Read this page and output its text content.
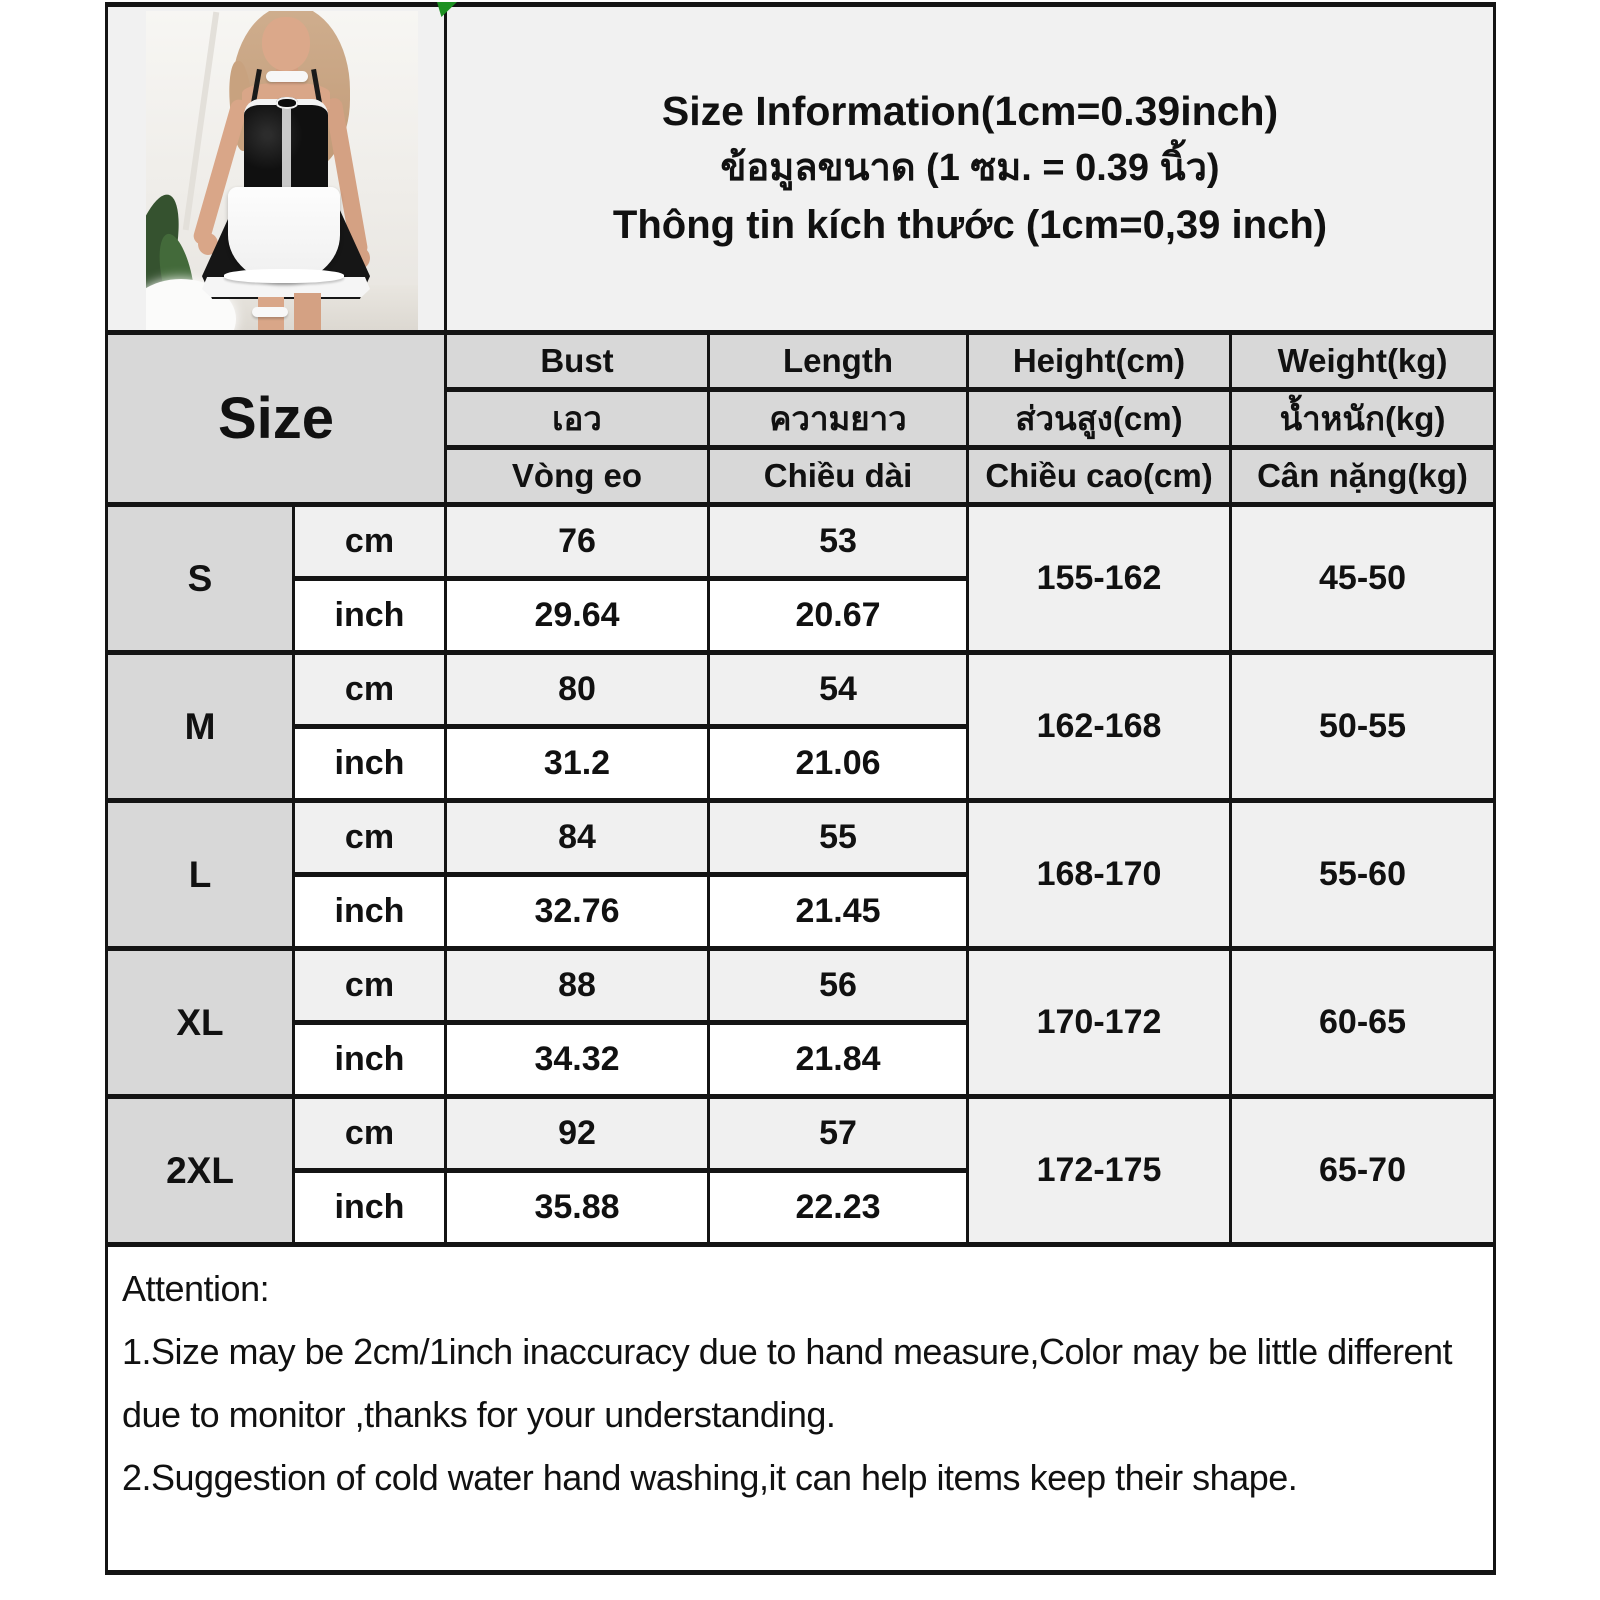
		Size Information(1cm=0.39inch)
ข้อมูลขนาด (1 ซม. = 0.39 นิ้ว)
Thông tin kích thước (1cm=0,39 inch)			

Size		Bust	Length	Height(cm)	Weight(kg)
		เอว	ความยาว	ส่วนสูง(cm)	น้ำหนัก(kg)
		Vòng eo	Chiều dài	Chiều cao(cm)	Cân nặng(kg)
S	cm	76	53	155-162	45-50
	inch	29.64	20.67		
M	cm	80	54	162-168	50-55
	inch	31.2	21.06		
L	cm	84	55	168-170	55-60
	inch	32.76	21.45		
XL	cm	88	56	170-172	60-65
	inch	34.32	21.84		
2XL	cm	92	57	172-175	65-70
	inch	35.88	22.23		

Attention:
1.Size may be 2cm/1inch inaccuracy due to hand measure,Color may be little different due to monitor ,thanks for your understanding.
2.Suggestion of cold water hand washing,it can help items keep their shape.					
